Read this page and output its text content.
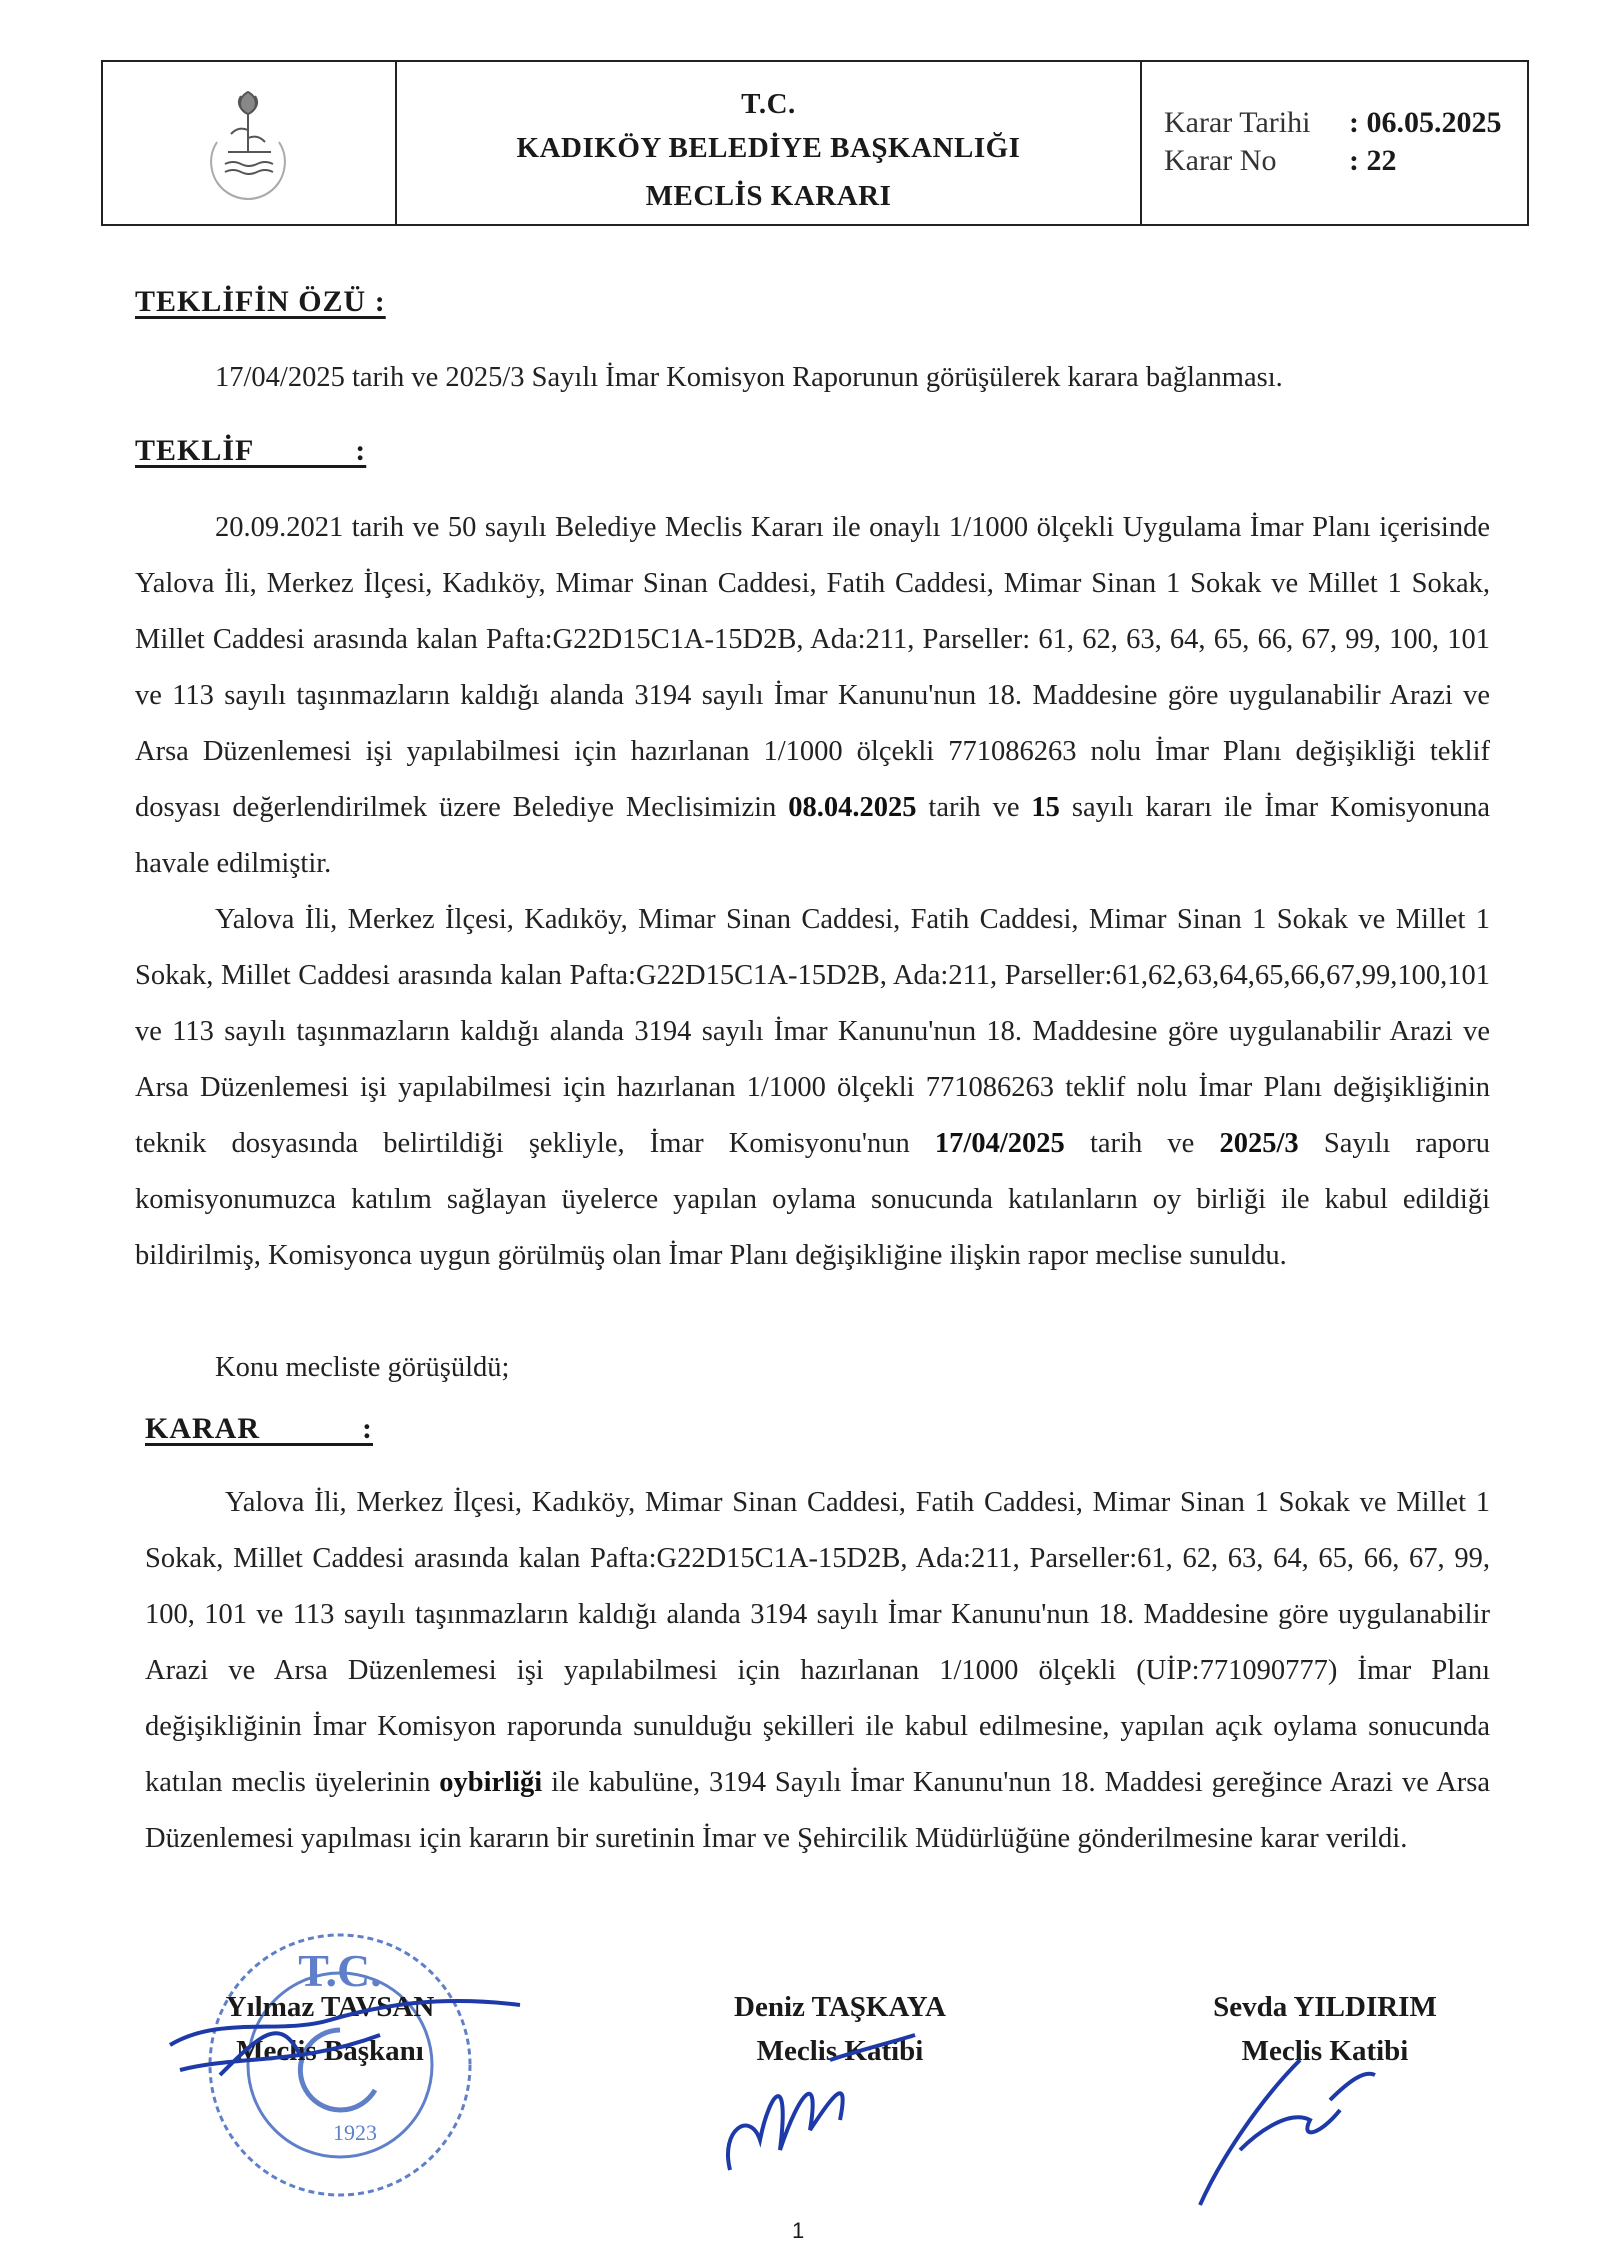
T.C.
KADIKÖY BELEDİYE BAŞKANLIĞI
MECLİS KARARI
Karar Tarihi	: 06.05.2025
Karar No	: 22
TEKLİFİN ÖZÜ :
17/04/2025 tarih ve 2025/3 Sayılı İmar Komisyon Raporunun görüşülerek karara bağlanması.
TEKLİF            :
20.09.2021 tarih ve 50 sayılı Belediye Meclis Kararı ile onaylı 1/1000 ölçekli Uygulama İmar Planı içerisinde Yalova İli, Merkez İlçesi, Kadıköy, Mimar Sinan Caddesi, Fatih Caddesi, Mimar Sinan 1 Sokak ve Millet 1 Sokak, Millet Caddesi arasında kalan Pafta:G22D15C1A-15D2B, Ada:211, Parseller: 61, 62, 63, 64, 65, 66, 67, 99, 100, 101 ve 113 sayılı taşınmazların kaldığı alanda 3194 sayılı İmar Kanunu'nun 18. Maddesine göre uygulanabilir Arazi ve Arsa Düzenlemesi işi yapılabilmesi için hazırlanan 1/1000 ölçekli 771086263 nolu İmar Planı değişikliği teklif dosyası değerlendirilmek üzere Belediye Meclisimizin 08.04.2025 tarih ve 15 sayılı kararı ile İmar Komisyonuna havale edilmiştir.
Yalova İli, Merkez İlçesi, Kadıköy, Mimar Sinan Caddesi, Fatih Caddesi, Mimar Sinan 1 Sokak ve Millet 1 Sokak, Millet Caddesi arasında kalan Pafta:G22D15C1A-15D2B, Ada:211, Parseller:61,62,63,64,65,66,67,99,100,101 ve 113 sayılı taşınmazların kaldığı alanda 3194 sayılı İmar Kanunu'nun 18. Maddesine göre uygulanabilir Arazi ve Arsa Düzenlemesi işi yapılabilmesi için hazırlanan 1/1000 ölçekli 771086263 teklif nolu İmar Planı değişikliğinin teknik dosyasında belirtildiği şekliyle, İmar Komisyonu'nun 17/04/2025 tarih ve 2025/3 Sayılı raporu komisyonumuzca katılım sağlayan üyelerce yapılan oylama sonucunda katılanların oy birliği ile kabul edildiği bildirilmiş, Komisyonca uygun görülmüş olan İmar Planı değişikliğine ilişkin rapor meclise sunuldu.
Konu mecliste görüşüldü;
KARAR            :
Yalova İli, Merkez İlçesi, Kadıköy, Mimar Sinan Caddesi, Fatih Caddesi, Mimar Sinan 1 Sokak ve Millet 1 Sokak, Millet Caddesi arasında kalan Pafta:G22D15C1A-15D2B, Ada:211, Parseller:61, 62, 63, 64, 65, 66, 67, 99, 100, 101 ve 113 sayılı taşınmazların kaldığı alanda 3194 sayılı İmar Kanunu'nun 18. Maddesine göre uygulanabilir Arazi ve Arsa Düzenlemesi işi yapılabilmesi için hazırlanan 1/1000 ölçekli (UİP:771090777) İmar Planı değişikliğinin İmar Komisyon raporunda sunulduğu şekilleri ile kabul edilmesine, yapılan açık oylama sonucunda katılan meclis üyelerinin oybirliği ile kabulüne, 3194 Sayılı İmar Kanunu'nun 18. Maddesi gereğince Arazi ve Arsa Düzenlemesi yapılması için kararın bir suretinin İmar ve Şehircilik Müdürlüğüne gönderilmesine karar verildi.
T.C.
1923
Yılmaz TAVSAN
Meclis Başkanı
Deniz TAŞKAYA
Meclis Katibi
Sevda YILDIRIM
Meclis Katibi
1
